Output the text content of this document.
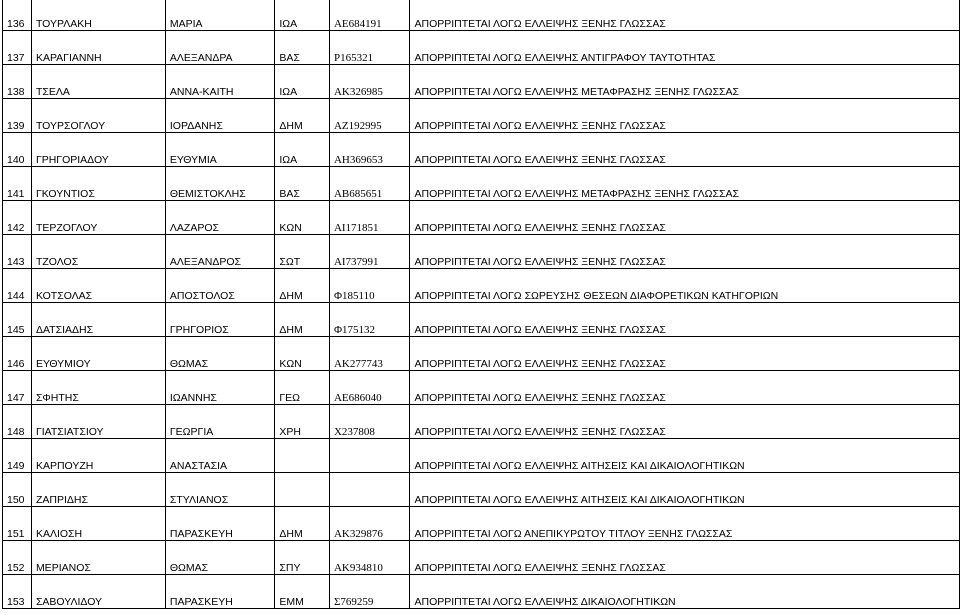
136	ΤΟΥΡΛΑΚΗ	ΜΑΡΙΑ	ΙΩΑ	AE684191	ΑΠΟΡΡΙΠΤΕΤΑΙ ΛΟΓΩ ΕΛΛΕΙΨΗΣ ΞΕΝΗΣ ΓΛΩΣΣΑΣ
137	ΚΑΡΑΓΙΑΝΝΗ	ΑΛΕΞΑΝΔΡΑ	ΒΑΣ	Ρ165321	ΑΠΟΡΡΙΠΤΕΤΑΙ ΛΟΓΩ ΕΛΛΕΙΨΗΣ ΑΝΤΙΓΡΑΦΟΥ ΤΑΥΤΟΤΗΤΑΣ
138	ΤΣΕΛΑ	ΑΝΝΑ-ΚΑΙΤΗ	ΙΩΑ	AK326985	ΑΠΟΡΡΙΠΤΕΤΑΙ ΛΟΓΩ ΕΛΛΕΙΨΗΣ ΜΕΤΑΦΡΑΣΗΣ ΞΕΝΗΣ ΓΛΩΣΣΑΣ
139	ΤΟΥΡΣΟΓΛΟΥ	ΙΟΡΔΑΝΗΣ	ΔΗΜ	AZ192995	ΑΠΟΡΡΙΠΤΕΤΑΙ ΛΟΓΩ ΕΛΛΕΙΨΗΣ ΞΕΝΗΣ ΓΛΩΣΣΑΣ
140	ΓΡΗΓΟΡΙΑΔΟΥ	ΕΥΘΥΜΙΑ	ΙΩΑ	AH369653	ΑΠΟΡΡΙΠΤΕΤΑΙ ΛΟΓΩ ΕΛΛΕΙΨΗΣ ΞΕΝΗΣ ΓΛΩΣΣΑΣ
141	ΓΚΟΥΝΤΙΟΣ	ΘΕΜΙΣΤΟΚΛΗΣ	ΒΑΣ	AB685651	ΑΠΟΡΡΙΠΤΕΤΑΙ ΛΟΓΩ ΕΛΛΕΙΨΗΣ ΜΕΤΑΦΡΑΣΗΣ ΞΕΝΗΣ ΓΛΩΣΣΑΣ
142	ΤΕΡΖΟΓΛΟΥ	ΛΑΖΑΡΟΣ	ΚΩΝ	AI171851	ΑΠΟΡΡΙΠΤΕΤΑΙ ΛΟΓΩ ΕΛΛΕΙΨΗΣ ΞΕΝΗΣ ΓΛΩΣΣΑΣ
143	ΤΖΟΛΟΣ	ΑΛΕΞΑΝΔΡΟΣ	ΣΩΤ	AI737991	ΑΠΟΡΡΙΠΤΕΤΑΙ ΛΟΓΩ ΕΛΛΕΙΨΗΣ ΞΕΝΗΣ ΓΛΩΣΣΑΣ
144	ΚΟΤΣΟΛΑΣ	ΑΠΟΣΤΟΛΟΣ	ΔΗΜ	Φ185110	ΑΠΟΡΡΙΠΤΕΤΑΙ ΛΟΓΩ ΣΩΡΕΥΣΗΣ ΘΕΣΕΩΝ ΔΙΑΦΟΡΕΤΙΚΩΝ ΚΑΤΗΓΟΡΙΩΝ
145	ΔΑΤΣΙΑΔΗΣ	ΓΡΗΓΟΡΙΟΣ	ΔΗΜ	Φ175132	ΑΠΟΡΡΙΠΤΕΤΑΙ ΛΟΓΩ ΕΛΛΕΙΨΗΣ ΞΕΝΗΣ ΓΛΩΣΣΑΣ
146	ΕΥΘΥΜΙΟΥ	ΘΩΜΑΣ	ΚΩΝ	AK277743	ΑΠΟΡΡΙΠΤΕΤΑΙ ΛΟΓΩ ΕΛΛΕΙΨΗΣ ΞΕΝΗΣ ΓΛΩΣΣΑΣ
147	ΣΦΗΤΗΣ	ΙΩΑΝΝΗΣ	ΓΕΩ	AE686040	ΑΠΟΡΡΙΠΤΕΤΑΙ ΛΟΓΩ ΕΛΛΕΙΨΗΣ ΞΕΝΗΣ ΓΛΩΣΣΑΣ
148	ΓΙΑΤΣΙΑΤΣΙΟΥ	ΓΕΩΡΓΙΑ	ΧΡΗ	X237808	ΑΠΟΡΡΙΠΤΕΤΑΙ ΛΟΓΩ ΕΛΛΕΙΨΗΣ ΞΕΝΗΣ ΓΛΩΣΣΑΣ
149	ΚΑΡΠΟΥΖΗ	ΑΝΑΣΤΑΣΙΑ			ΑΠΟΡΡΙΠΤΕΤΑΙ ΛΟΓΩ ΕΛΛΕΙΨΗΣ ΑΙΤΗΣΕΙΣ ΚΑΙ ΔΙΚΑΙΟΛΟΓΗΤΙΚΩΝ
150	ΖΑΠΡΙΔΗΣ	ΣΤΥΛΙΑΝΟΣ			ΑΠΟΡΡΙΠΤΕΤΑΙ ΛΟΓΩ ΕΛΛΕΙΨΗΣ ΑΙΤΗΣΕΙΣ ΚΑΙ ΔΙΚΑΙΟΛΟΓΗΤΙΚΩΝ
151	ΚΑΛΙΟΣΗ	ΠΑΡΑΣΚΕΥΗ	ΔΗΜ	AK329876	ΑΠΟΡΡΙΠΤΕΤΑΙ ΛΟΓΩ ΑΝΕΠΙΚΥΡΩΤΟΥ ΤΙΤΛΟΥ ΞΕΝΗΣ ΓΛΩΣΣΑΣ
152	ΜΕΡΙΑΝΟΣ	ΘΩΜΑΣ	ΣΠΥ	AK934810	ΑΠΟΡΡΙΠΤΕΤΑΙ ΛΟΓΩ ΕΛΛΕΙΨΗΣ ΞΕΝΗΣ ΓΛΩΣΣΑΣ
153	ΣΑΒΟΥΛΙΔΟΥ	ΠΑΡΑΣΚΕΥΗ	ΕΜΜ	Σ769259	ΑΠΟΡΡΙΠΤΕΤΑΙ ΛΟΓΩ ΕΛΛΕΙΨΗΣ ΔΙΚΑΙΟΛΟΓΗΤΙΚΩΝ
